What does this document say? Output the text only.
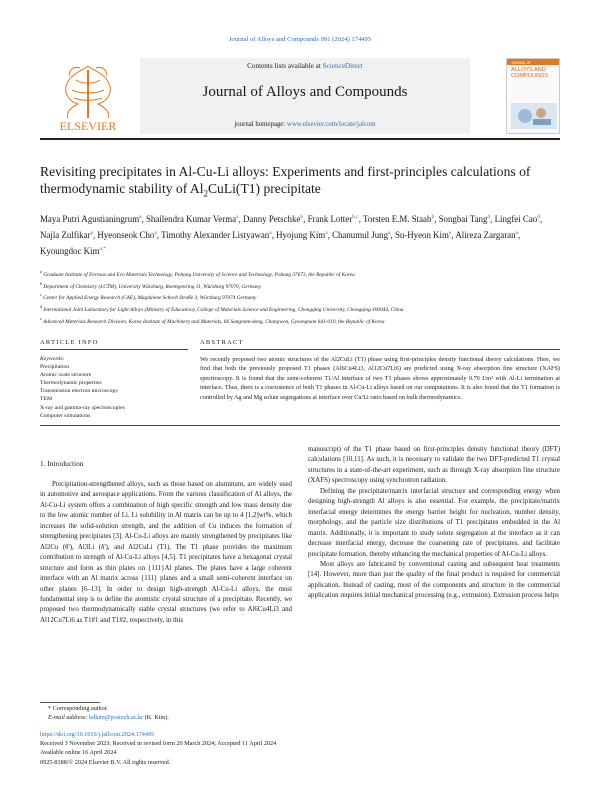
Journal of Alloys and Compounds 991 (2024) 174495
ELSEVIER
Contents lists available at ScienceDirect
Journal of Alloys and Compounds
journal homepage: www.elsevier.com/locate/jalcom
JOURNAL OF
ALLOYS AND COMPOUNDS
Revisiting precipitates in Al-Cu-Li alloys: Experiments and first-principles calculations of thermodynamic stability of $Al_2CuLi(T1)$ precipitate
Maya Putri Agustianingrum$^a$, Shailendra Kumar Verma$^a$, Danny Petschke$^b$, Frank Lotter$^{b,c}$, Torsten E.M. Staab$^b$, Songbai Tang$^d$, Lingfei Cao$^d$, Najla Zulfikar$^a$, Hyeonseok Cho$^a$, Timothy Alexander Listyawan$^a$, Hyojung Kim$^a$, Chanumul Jung$^a$, Su-Hyeon Kim$^e$, Alireza Zargaran$^a$, Kyoungdoc Kim$^{a,*}$
$^a$ Graduate Institute of Ferrous and Eco Materials Technology, Pohang University of Science and Technology, Pohang 37673, the Republic of Korea
$^b$ Department of Chemistry (LCTM), University Würzburg, Roentgenring 11, Würzburg 97070, Germany
$^c$ Center for Applied Energy Research (CAE), Magdalene Schoch Straße 3, Würzburg 97074 Germany
$^d$ International Joint Laboratory for Light Alloys (Ministry of Education), College of Materials Science and Engineering, Chongqing University, Chongqing 400044, China
$^e$ Advanced Materials Research Division, Korea Institute of Machinery and Materials, 66 Sangnam-dong, Changwon, Gyeongnam 641-010, the Republic of Korea
ARTICLE INFO	ABSTRACT
Keywords:
Precipitation
Atomic scale structure
Thermodynamic properties
Transmission electron microscopy
TEM
X-ray and gamma-ray spectroscopies
Computer simulations
We recently proposed two atomic structures of the Al2CuLi (T1) phase using first-principles density functional theory calculations. Here, we find that both the previously proposed T1 phases (Al6Cu4Li3, Al12Cu7Li6) are predicted using X-ray absorption fine structure (XAFS) spectroscopy. It is found that the semi-coherent T1/Al interface of two T1 phases shows approximately 0.70 J/m² with Al-Li termination at interface. Thus, there is a coexistence of both T1 phases in Al-Cu-Li alloys based on our computations. It is also found that the T1 formation is controlled by Ag and Mg solute segregations at interface over Cu/Li ratio based on bulk thermodynamics.
1. Introduction

Precipitation-strengthened alloys, such as those based on aluminum, are widely used in automotive and aerospace applications. From the various classification of Al alloys, the Al-Cu-Li system offers a combination of high specific strength and low mass density due to the low atomic number of Li. Li solubility in Al matrix can be up to 4 [1,2]wt%, which increases the solid-solution strength, and the addition of Cu induces the formation of strengthening precipitates [3]. Al-Cu-Li alloys are mainly strengthened by precipitates like Al2Cu (θ'), Al3Li (δ'), and Al2CuLi (T1). The T1 phase provides the maximum contribution to strength of Al-Cu-Li alloys [4,5]. T1 precipitates have a hexagonal crystal structure and form as thin plates on {111}Al planes. The plates have a large coherent interface with an Al matrix across {111} planes and a small semi-coherent interface on other planes [6–13]. In order to design high-strength Al-Cu-Li alloys, the most fundamental step is to define the atomistic crystal structure of a precipitate. Recently, we proposed two thermodynamically stable crystal structures (we refer to Al6Cu4Li3 and Al12Cu7Li6 as T1#1 and T1#2, respectively, in this

manuscript) of the T1 phase based on first-principles density functional theory (DFT) calculations [10,11]. As such, it is necessary to validate the two DFT-predicted T1 crystal structures in a state-of-the-art experiment, such as through X-ray absorption fine structure (XAFS) spectroscopy using synchrotron radiation.

Defining the precipitate/matrix interfacial structure and corresponding energy when designing high-strength Al alloys is also essential. For example, the precipitate/matrix interfacial energy determines the energy barrier height for nucleation, number density, morphology, and the particle size distributions of T1 precipitates embedded in the Al matrix. Additionally, it is important to study solute segregation at the interface as it can decrease interfacial energy, decrease the coarsening rate of precipitates, and facilitate precipitate formation, thereby enhancing the mechanical properties of Al-Cu-Li alloys.

Most alloys are fabricated by conventional casting and subsequent heat treatments [14]. However, more than just the quality of the final product is required for commercial application. Instead of casting, most of the components and structure in the commercial application requires initial mechanical processing (e.g., extrusion). Extrusion process helps

* Corresponding author.
E-mail address: kdkim@postech.ac.kr (K. Kim).
https://doi.org/10.1016/j.jallcom.2024.174495
Received 3 November 2023; Received in revised form 20 March 2024; Accepted 11 April 2024
Available online 16 April 2024
0925-8388/© 2024 Elsevier B.V. All rights reserved.
